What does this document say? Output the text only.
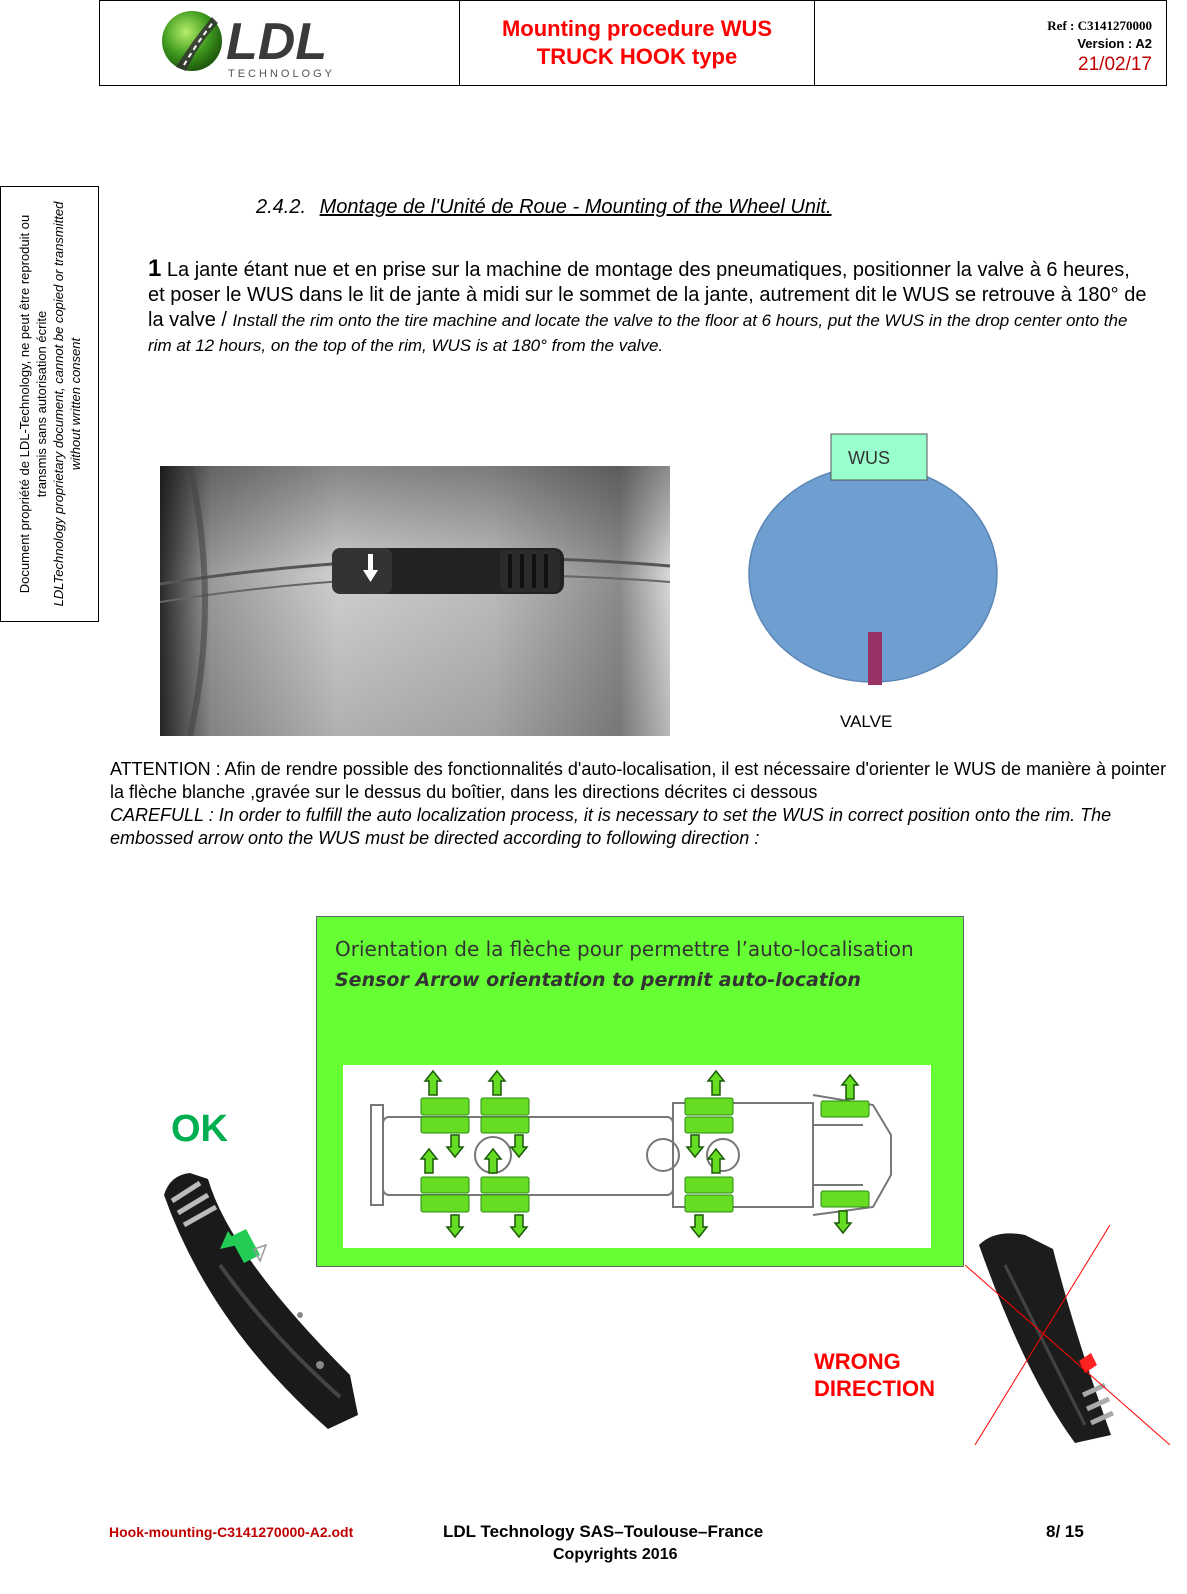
LDL
TECHNOLOGY
Mounting procedure WUS
TRUCK HOOK type
Ref : C3141270000
Version : A2
21/02/17
Document propriété de LDL-Technology, ne peut être reproduit ou transmis sans autorisation écrite LDLTechnology proprietary document, cannot be copied or transmitted without written consent
2.4.2. Montage de l'Unité de Roue - Mounting of the Wheel Unit.
1 La jante étant nue et en prise sur la machine de montage des pneumatiques, positionner la valve à 6 heures, et poser le WUS dans le lit de jante à midi sur le sommet de la jante, autrement dit le WUS se retrouve à 180° de la valve / Install the rim onto the tire machine and locate the valve to the floor at 6 hours, put the WUS in the drop center onto the rim at 12 hours, on the top of the rim, WUS is at 180° from the valve.
WUS
VALVE
ATTENTION : Afin de rendre possible des fonctionnalités d'auto-localisation, il est nécessaire d'orienter le WUS de manière à pointer la flèche blanche ,gravée sur le dessus du boîtier, dans les directions décrites ci dessous
CAREFULL : In order to fulfill the auto localization process, it is necessary to set the WUS in correct position onto the rim. The embossed arrow onto the WUS must be directed according to following direction :
Orientation de la flèche pour permettre l’auto-localisation
Sensor Arrow orientation to permit auto-location
OK
WRONG
DIRECTION
Hook-mounting-C3141270000-A2.odt	LDL Technology SAS–Toulouse–France	8/ 15
Copyrights 2016
